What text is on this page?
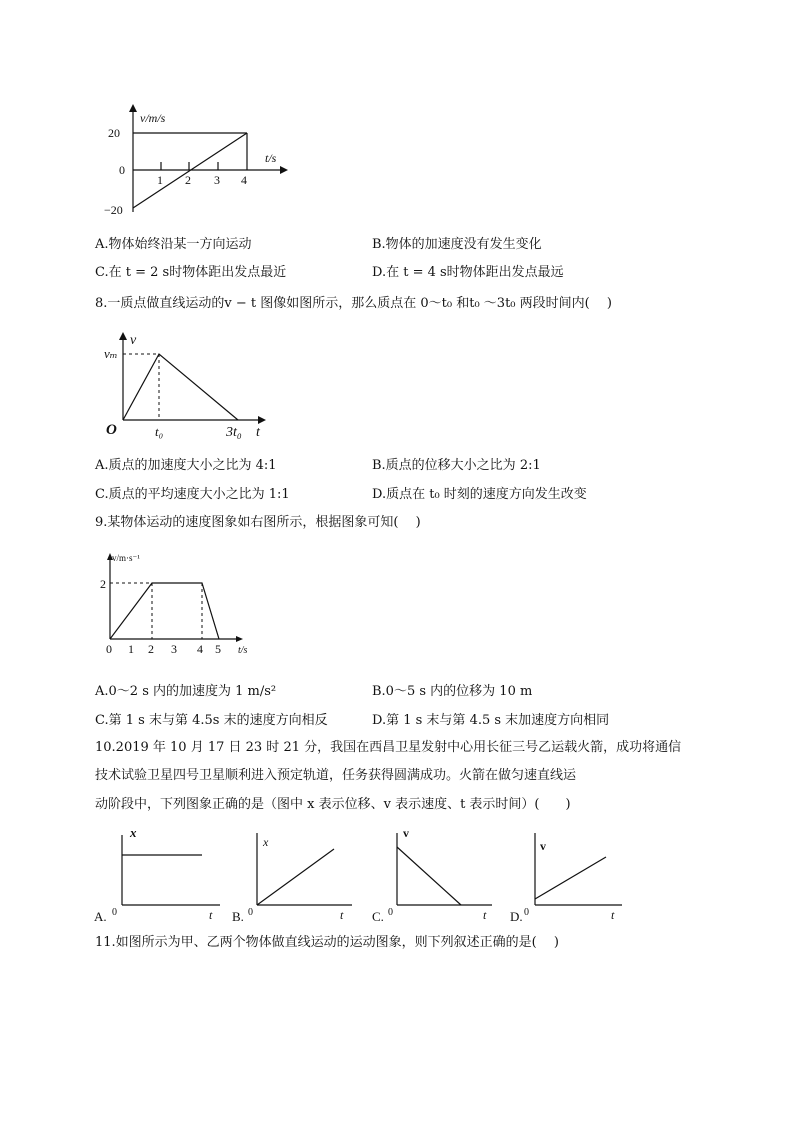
v/m/s
t/s
20
0
−20
1 2 3 4
A.物体始终沿某一方向运动	B.物体的加速度没有发生变化
C.在 t = 2 s时物体距出发点最近	D.在 t = 4 s时物体距出发点最远
8.一质点做直线运动的v − t 图像如图所示，那么质点在 0～t₀ 和t₀ ～3t₀ 两段时间内(　 )
v
vₘ
O	t₀	3t₀ t
A.质点的加速度大小之比为 4:1	B.质点的位移大小之比为 2:1
C.质点的平均速度大小之比为 1:1	D.质点在 t₀ 时刻的速度方向发生改变
9.某物体运动的速度图象如右图所示，根据图象可知(　 )
v/m·s⁻¹
2
0 1 2 3 4 5 t/s
A.0～2 s 内的加速度为 1 m/s²	B.0～5 s 内的位移为 10 m
C.第 1 s 末与第 4.5s 末的速度方向相反	D.第 1 s 末与第 4.5 s 末加速度方向相同
10.2019 年 10 月 17 日 23 时 21 分，我国在西昌卫星发射中心用长征三号乙运载火箭，成功将通信
技术试验卫星四号卫星顺利进入预定轨道，任务获得圆满成功。火箭在做匀速直线运
动阶段中，下列图象正确的是（图中 x 表示位移、v 表示速度、t 表示时间）(　　)
A.
x
0	t B.
x
0	t C.
v
0	t D.
v
0	t
11.如图所示为甲、乙两个物体做直线运动的运动图象，则下列叙述正确的是(　 )
